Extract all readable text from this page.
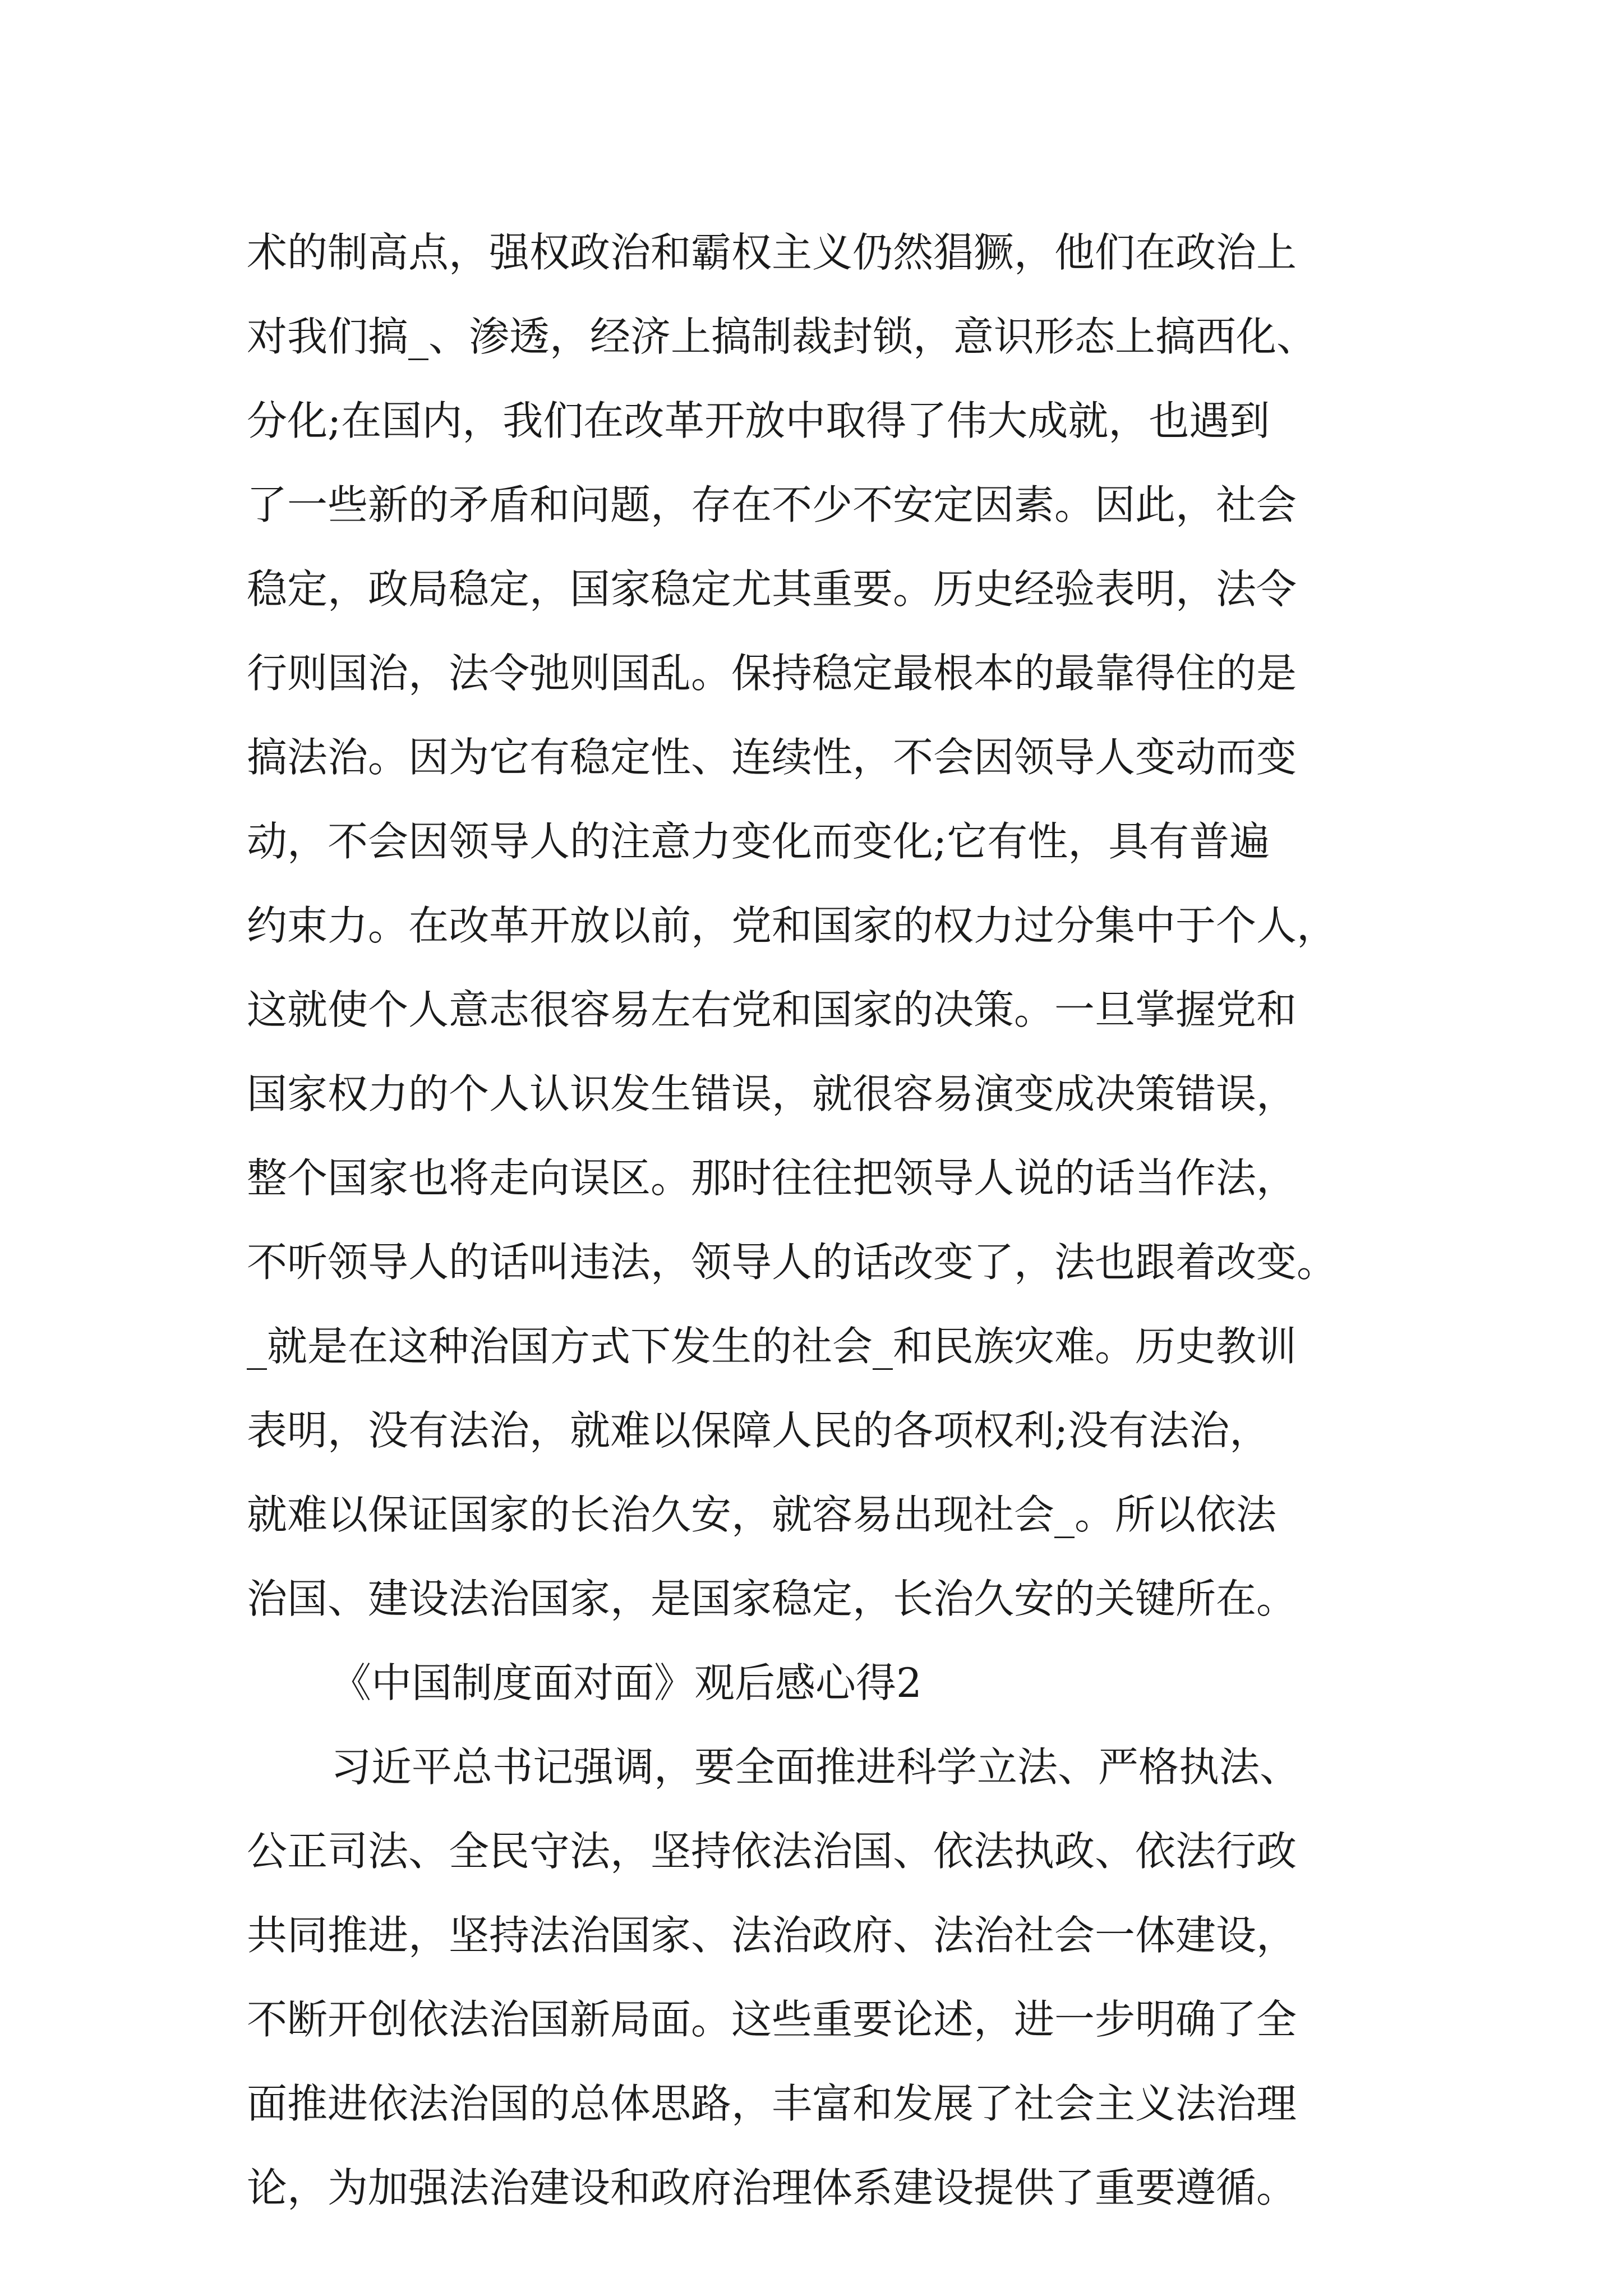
术的制高点，强权政治和霸权主义仍然猖獗，他们在政治上
对我们搞_、渗透，经济上搞制裁封锁，意识形态上搞西化、
分化;在国内，我们在改革开放中取得了伟大成就，也遇到
了一些新的矛盾和问题，存在不少不安定因素。因此，社会
稳定，政局稳定，国家稳定尤其重要。历史经验表明，法令
行则国治，法令弛则国乱。保持稳定最根本的最靠得住的是
搞法治。因为它有稳定性、连续性，不会因领导人变动而变
动，不会因领导人的注意力变化而变化;它有性，具有普遍
约束力。在改革开放以前，党和国家的权力过分集中于个人，
这就使个人意志很容易左右党和国家的决策。一旦掌握党和
国家权力的个人认识发生错误，就很容易演变成决策错误，
整个国家也将走向误区。那时往往把领导人说的话当作法，
不听领导人的话叫违法，领导人的话改变了，法也跟着改变。
_就是在这种治国方式下发生的社会_和民族灾难。历史教训
表明，没有法治，就难以保障人民的各项权利;没有法治，
就难以保证国家的长治久安，就容易出现社会_。所以依法
治国、建设法治国家，是国家稳定，长治久安的关键所在。
《中国制度面对面》观后感心得2
习近平总书记强调，要全面推进科学立法、严格执法、
公正司法、全民守法，坚持依法治国、依法执政、依法行政
共同推进，坚持法治国家、法治政府、法治社会一体建设，
不断开创依法治国新局面。这些重要论述，进一步明确了全
面推进依法治国的总体思路，丰富和发展了社会主义法治理
论，为加强法治建设和政府治理体系建设提供了重要遵循。
